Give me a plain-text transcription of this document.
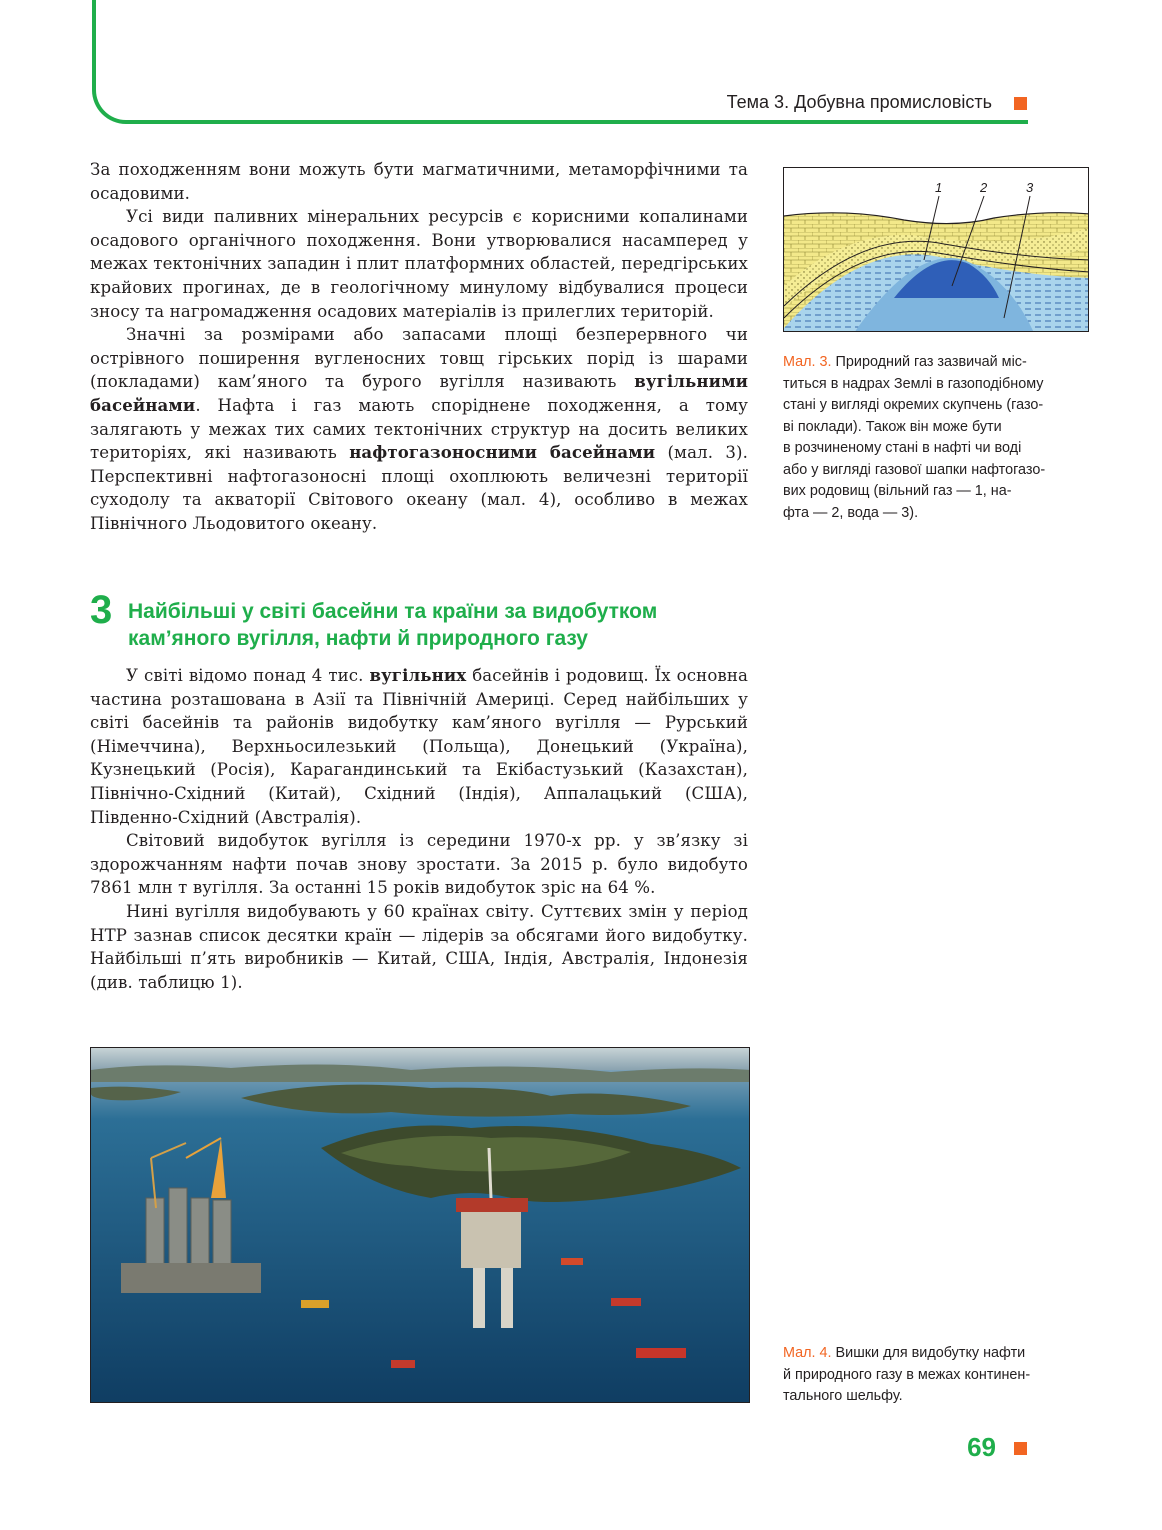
Тема 3. Добувна промисловість

За походженням вони можуть бути магматичними, метаморфічними та осадовими.

Усі види паливних мінеральних ресурсів є корисними копалинами осадового органічного походження. Вони утворювалися насамперед у межах тектонічних западин і плит платформних областей, передгірських крайових прогинах, де в геологічному минулому відбувалися процеси зносу та нагромадження осадових матеріалів із прилеглих територій.

Значні за розмірами або запасами площі безперервного чи острівного поширення вугленосних товщ гірських порід із шарами (покладами) кам’яного та бурого вугілля називають вугільними басейнами. Нафта і газ мають споріднене походження, а тому залягають у межах тих самих тектонічних структур на досить великих територіях, які називають нафтогазоносними басейнами (мал. 3). Перспективні нафтогазоносні площі охоплюють величезні території суходолу та акваторії Світового океану (мал. 4), особливо в межах Північного Льодовитого океану.

1	2	3
Мал. 3. Природний газ зазвичай міс-
титься в надрах Землі в газоподібному
стані у вигляді окремих скупчень (газо-
ві поклади). Також він може бути
в розчиненому стані в нафті чи воді
або у вигляді газової шапки нафтогазо-
вих родовищ (вільний газ — 1, на-
фта — 2, вода — 3).
3 Найбільші у світі басейни та країни за видобутком
кам’яного вугілля, нафти й природного газу

У світі відомо понад 4 тис. вугільних басейнів і родовищ. Їх основна частина розташована в Азії та Північній Америці. Серед найбільших у світі басейнів та районів видобутку кам’яного вугілля — Рурський (Німеччина), Верхньосилезький (Польща), Донецький (Україна), Кузнецький (Росія), Карагандинський та Екібастузький (Казахстан), Північно-Східний (Китай), Східний (Індія), Аппалацький (США), Південно-Східний (Австралія).

Світовий видобуток вугілля із середини 1970-х рр. у зв’язку зі здорожчанням нафти почав знову зростати. За 2015 р. було видобуто 7861 млн т вугілля. За останні 15 років видобуток зріс на 64 %.

Нині вугілля видобувають у 60 країнах світу. Суттєвих змін у період НТР зазнав список десятки країн — лідерів за обсягами його видобутку. Найбільші п’ять виробників — Китай, США, Індія, Австралія, Індонезія (див. таблицю 1).

Мал. 4. Вишки для видобутку нафти
й природного газу в межах континен-
тального шельфу.
69
